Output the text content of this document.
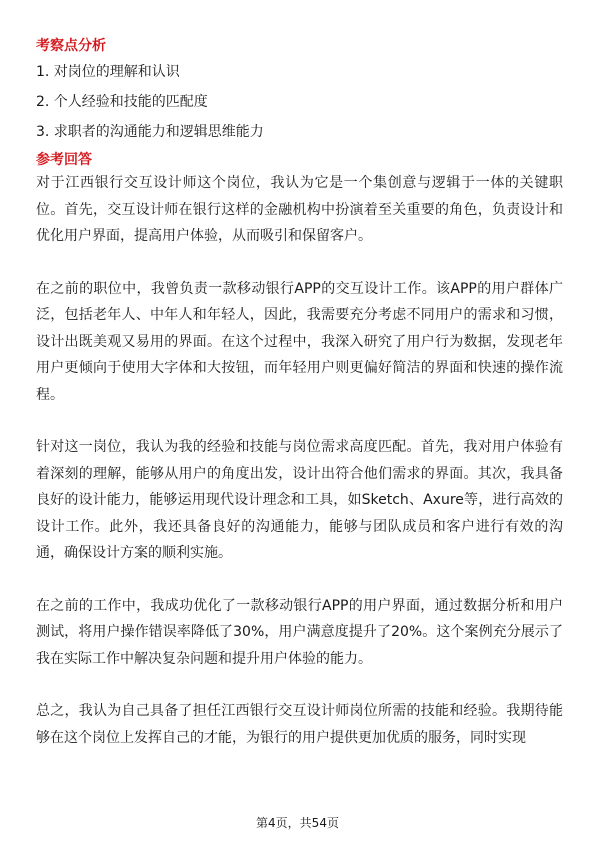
考察点分析

1. 对岗位的理解和认识

2. 个人经验和技能的匹配度

3. 求职者的沟通能力和逻辑思维能力

参考回答

对于江西银行交互设计师这个岗位，我认为它是一个集创意与逻辑于一体的关键职位。首先，交互设计师在银行这样的金融机构中扮演着至关重要的角色，负责设计和优化用户界面，提高用户体验，从而吸引和保留客户。

在之前的职位中，我曾负责一款移动银行APP的交互设计工作。该APP的用户群体广泛，包括老年人、中年人和年轻人，因此，我需要充分考虑不同用户的需求和习惯，设计出既美观又易用的界面。在这个过程中，我深入研究了用户行为数据，发现老年用户更倾向于使用大字体和大按钮，而年轻用户则更偏好简洁的界面和快速的操作流程。

针对这一岗位，我认为我的经验和技能与岗位需求高度匹配。首先，我对用户体验有着深刻的理解，能够从用户的角度出发，设计出符合他们需求的界面。其次，我具备良好的设计能力，能够运用现代设计理念和工具，如Sketch、Axure等，进行高效的设计工作。此外，我还具备良好的沟通能力，能够与团队成员和客户进行有效的沟通，确保设计方案的顺利实施。

在之前的工作中，我成功优化了一款移动银行APP的用户界面，通过数据分析和用户测试，将用户操作错误率降低了30%，用户满意度提升了20%。这个案例充分展示了我在实际工作中解决复杂问题和提升用户体验的能力。

总之，我认为自己具备了担任江西银行交互设计师岗位所需的技能和经验。我期待能够在这个岗位上发挥自己的才能，为银行的用户提供更加优质的服务，同时实现

第4页，共54页
